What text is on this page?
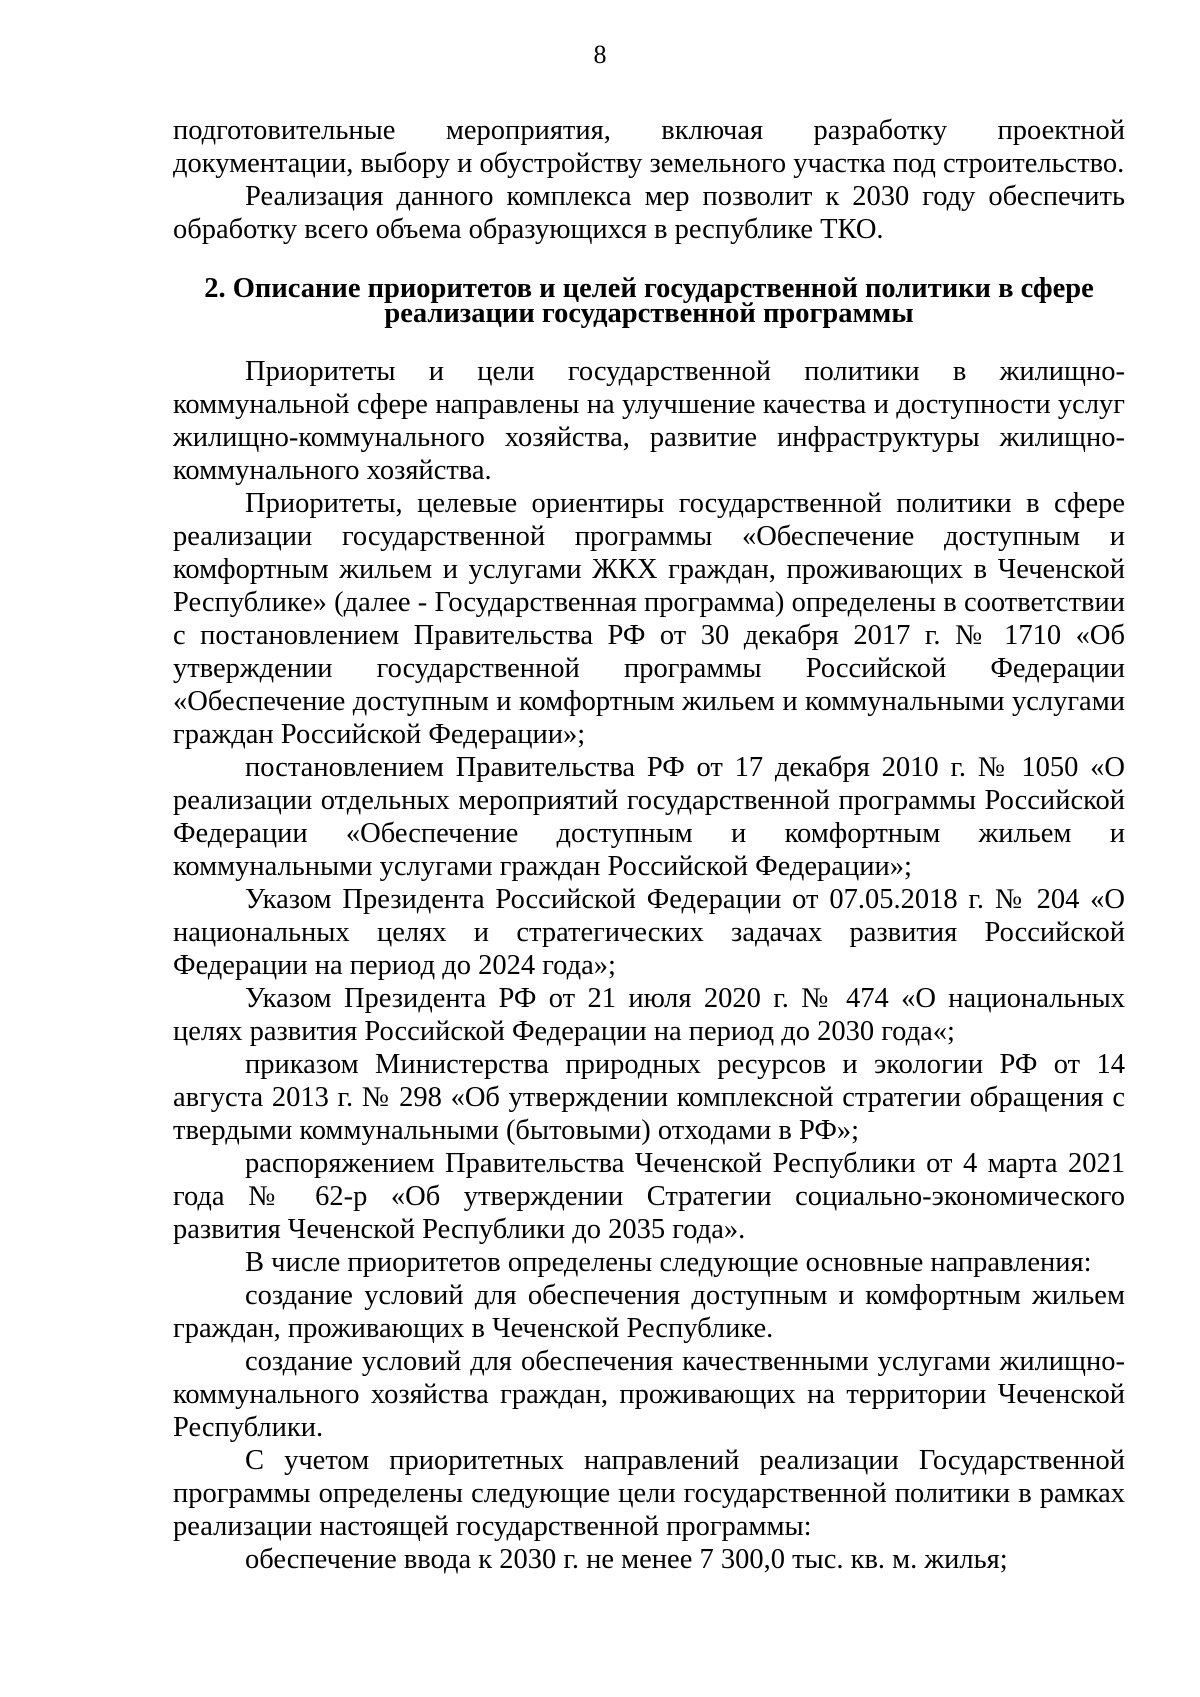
8

подготовительные мероприятия, включая разработку проектной документации, выбору и обустройству земельного участка под строительство.

Реализация данного комплекса мер позволит к 2030 году обеспечить обработку всего объема образующихся в республике ТКО.

2. Описание приоритетов и целей государственной политики в сфере
реализации государственной программы

Приоритеты и цели государственной политики в жилищно-коммунальной сфере направлены на улучшение качества и доступности услуг жилищно-коммунального хозяйства, развитие инфраструктуры жилищно-коммунального хозяйства.

Приоритеты, целевые ориентиры государственной политики в сфере реализации государственной программы «Обеспечение доступным и комфортным жильем и услугами ЖКХ граждан, проживающих в Чеченской Республике» (далее - Государственная программа) определены в соответствии с постановлением Правительства РФ от 30 декабря 2017 г. № 1710 «Об утверждении государственной программы Российской Федерации «Обеспечение доступным и комфортным жильем и коммунальными услугами граждан Российской Федерации»;

постановлением Правительства РФ от 17 декабря 2010 г. № 1050 «О реализации отдельных мероприятий государственной программы Российской Федерации «Обеспечение доступным и комфортным жильем и коммунальными услугами граждан Российской Федерации»;

Указом Президента Российской Федерации от 07.05.2018 г. № 204 «О национальных целях и стратегических задачах развития Российской Федерации на период до 2024 года»;

Указом Президента РФ от 21 июля 2020 г. № 474 «О национальных целях развития Российской Федерации на период до 2030 года«;

приказом Министерства природных ресурсов и экологии РФ от 14 августа 2013 г. № 298 «Об утверждении комплексной стратегии обращения с твердыми коммунальными (бытовыми) отходами в РФ»;

распоряжением Правительства Чеченской Республики от 4 марта 2021 года № 62-р «Об утверждении Стратегии социально-экономического развития Чеченской Республики до 2035 года».

В числе приоритетов определены следующие основные направления:

создание условий для обеспечения доступным и комфортным жильем граждан, проживающих в Чеченской Республике.

создание условий для обеспечения качественными услугами жилищно-коммунального хозяйства граждан, проживающих на территории Чеченской Республики.

С учетом приоритетных направлений реализации Государственной программы определены следующие цели государственной политики в рамках реализации настоящей государственной программы:

обеспечение ввода к 2030 г. не менее 7 300,0 тыс. кв. м. жилья;
